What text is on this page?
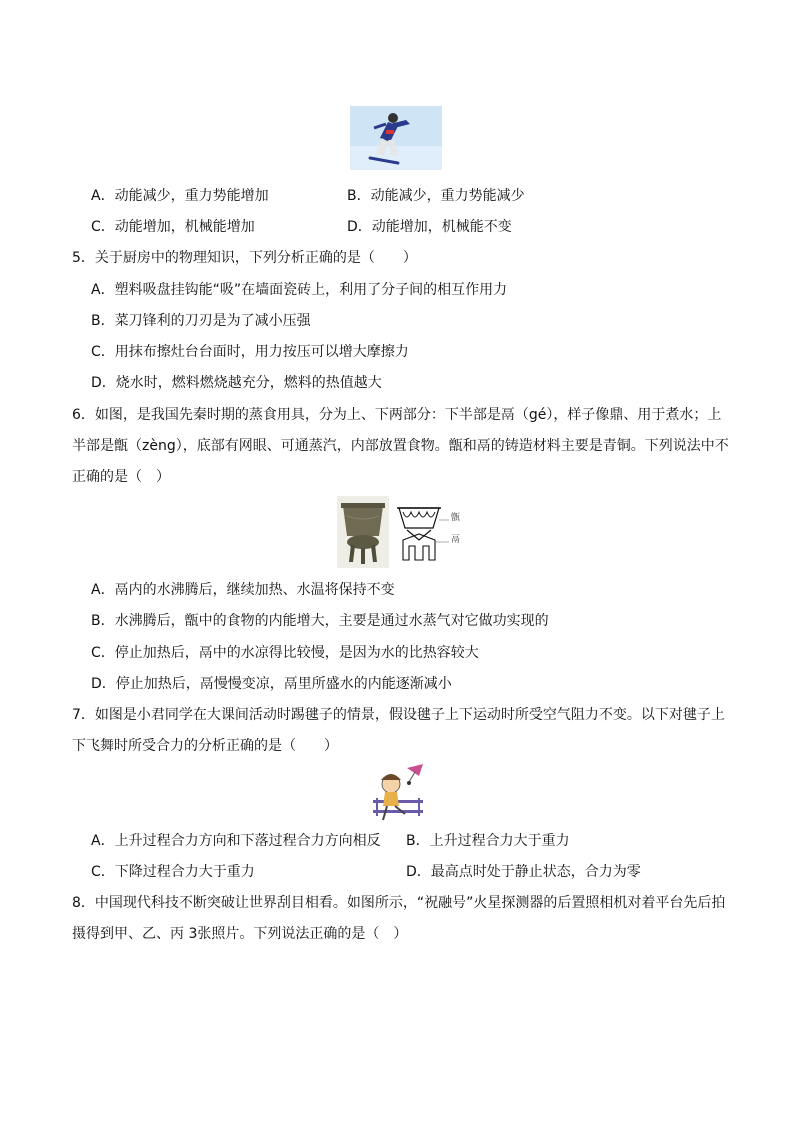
A．动能减少，重力势能增加	B．动能减少，重力势能减少
C．动能增加，机械能增加	D．动能增加，机械能不变
5．关于厨房中的物理知识，下列分析正确的是（　　）
A．塑料吸盘挂钩能“吸”在墙面瓷砖上，利用了分子间的相互作用力
B．菜刀锋利的刀刃是为了减小压强
C．用抹布擦灶台台面时，用力按压可以增大摩擦力
D．烧水时，燃料燃烧越充分，燃料的热值越大
6．如图，是我国先秦时期的蒸食用具，分为上、下两部分：下半部是鬲（gé），样子像鼎、用于煮水；上
半部是甑（zèng），底部有网眼、可通蒸汽，内部放置食物。甑和鬲的铸造材料主要是青铜。下列说法中不
正确的是（　）
甑
鬲
A．鬲内的水沸腾后，继续加热、水温将保持不变
B．水沸腾后，甑中的食物的内能增大，主要是通过水蒸气对它做功实现的
C．停止加热后，鬲中的水凉得比较慢，是因为水的比热容较大
D．停止加热后，鬲慢慢变凉，鬲里所盛水的内能逐渐减小
7．如图是小君同学在大课间活动时踢毽子的情景，假设毽子上下运动时所受空气阻力不变。以下对毽子上
下飞舞时所受合力的分析正确的是（　　）
A．上升过程合力方向和下落过程合力方向相反 B．上升过程合力大于重力
C．下降过程合力大于重力	D．最高点时处于静止状态，合力为零
8．中国现代科技不断突破让世界刮目相看。如图所示，“祝融号”火星探测器的后置照相机对着平台先后拍
摄得到甲、乙、丙 3张照片。下列说法正确的是（　）
